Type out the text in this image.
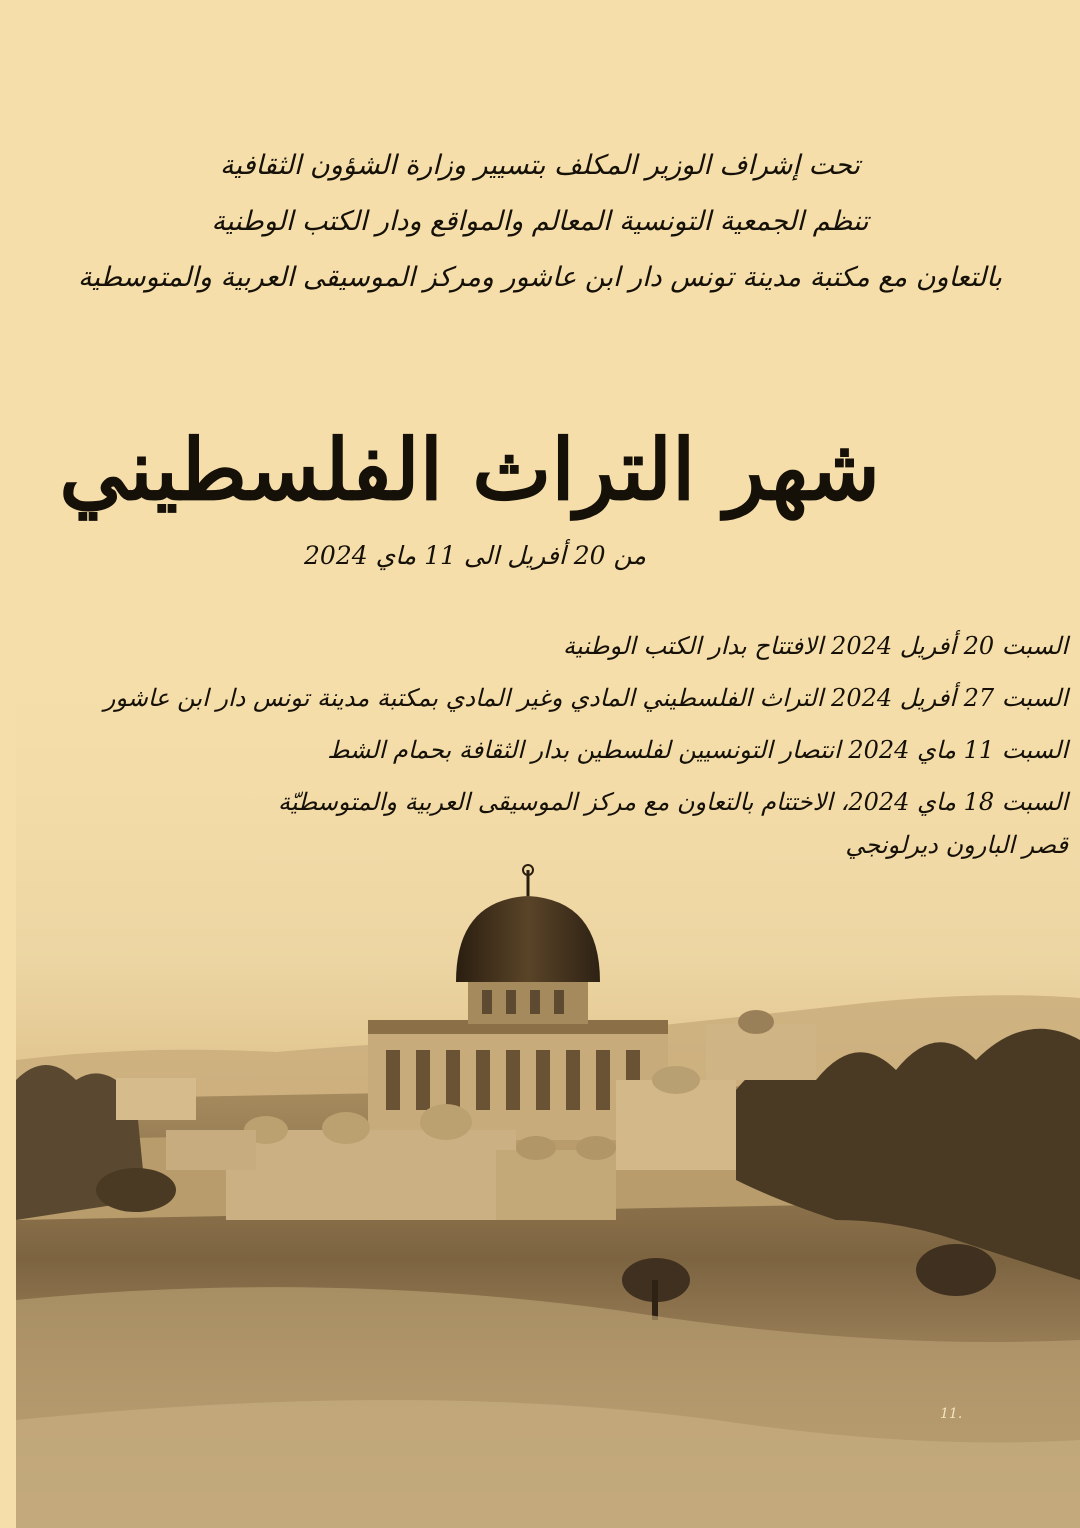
11.
تحت إشراف الوزير المكلف بتسيير وزارة الشؤون الثقافية
تنظم الجمعية التونسية المعالم والمواقع ودار الكتب الوطنية
بالتعاون مع مكتبة مدينة تونس دار ابن عاشور ومركز الموسيقى العربية والمتوسطية
شهر التراث الفلسطيني
من 20 أفريل الى 11 ماي 2024
السبت 20 أفريل 2024 الافتتاح بدار الكتب الوطنية
السبت 27 أفريل 2024 التراث الفلسطيني المادي وغير المادي بمكتبة مدينة تونس دار ابن عاشور
السبت 11 ماي 2024 انتصار التونسيين لفلسطين بدار الثقافة بحمام الشط
السبت 18 ماي 2024، الاختتام بالتعاون مع مركز الموسيقى العربية والمتوسطيّة
قصر البارون ديرلونجي
